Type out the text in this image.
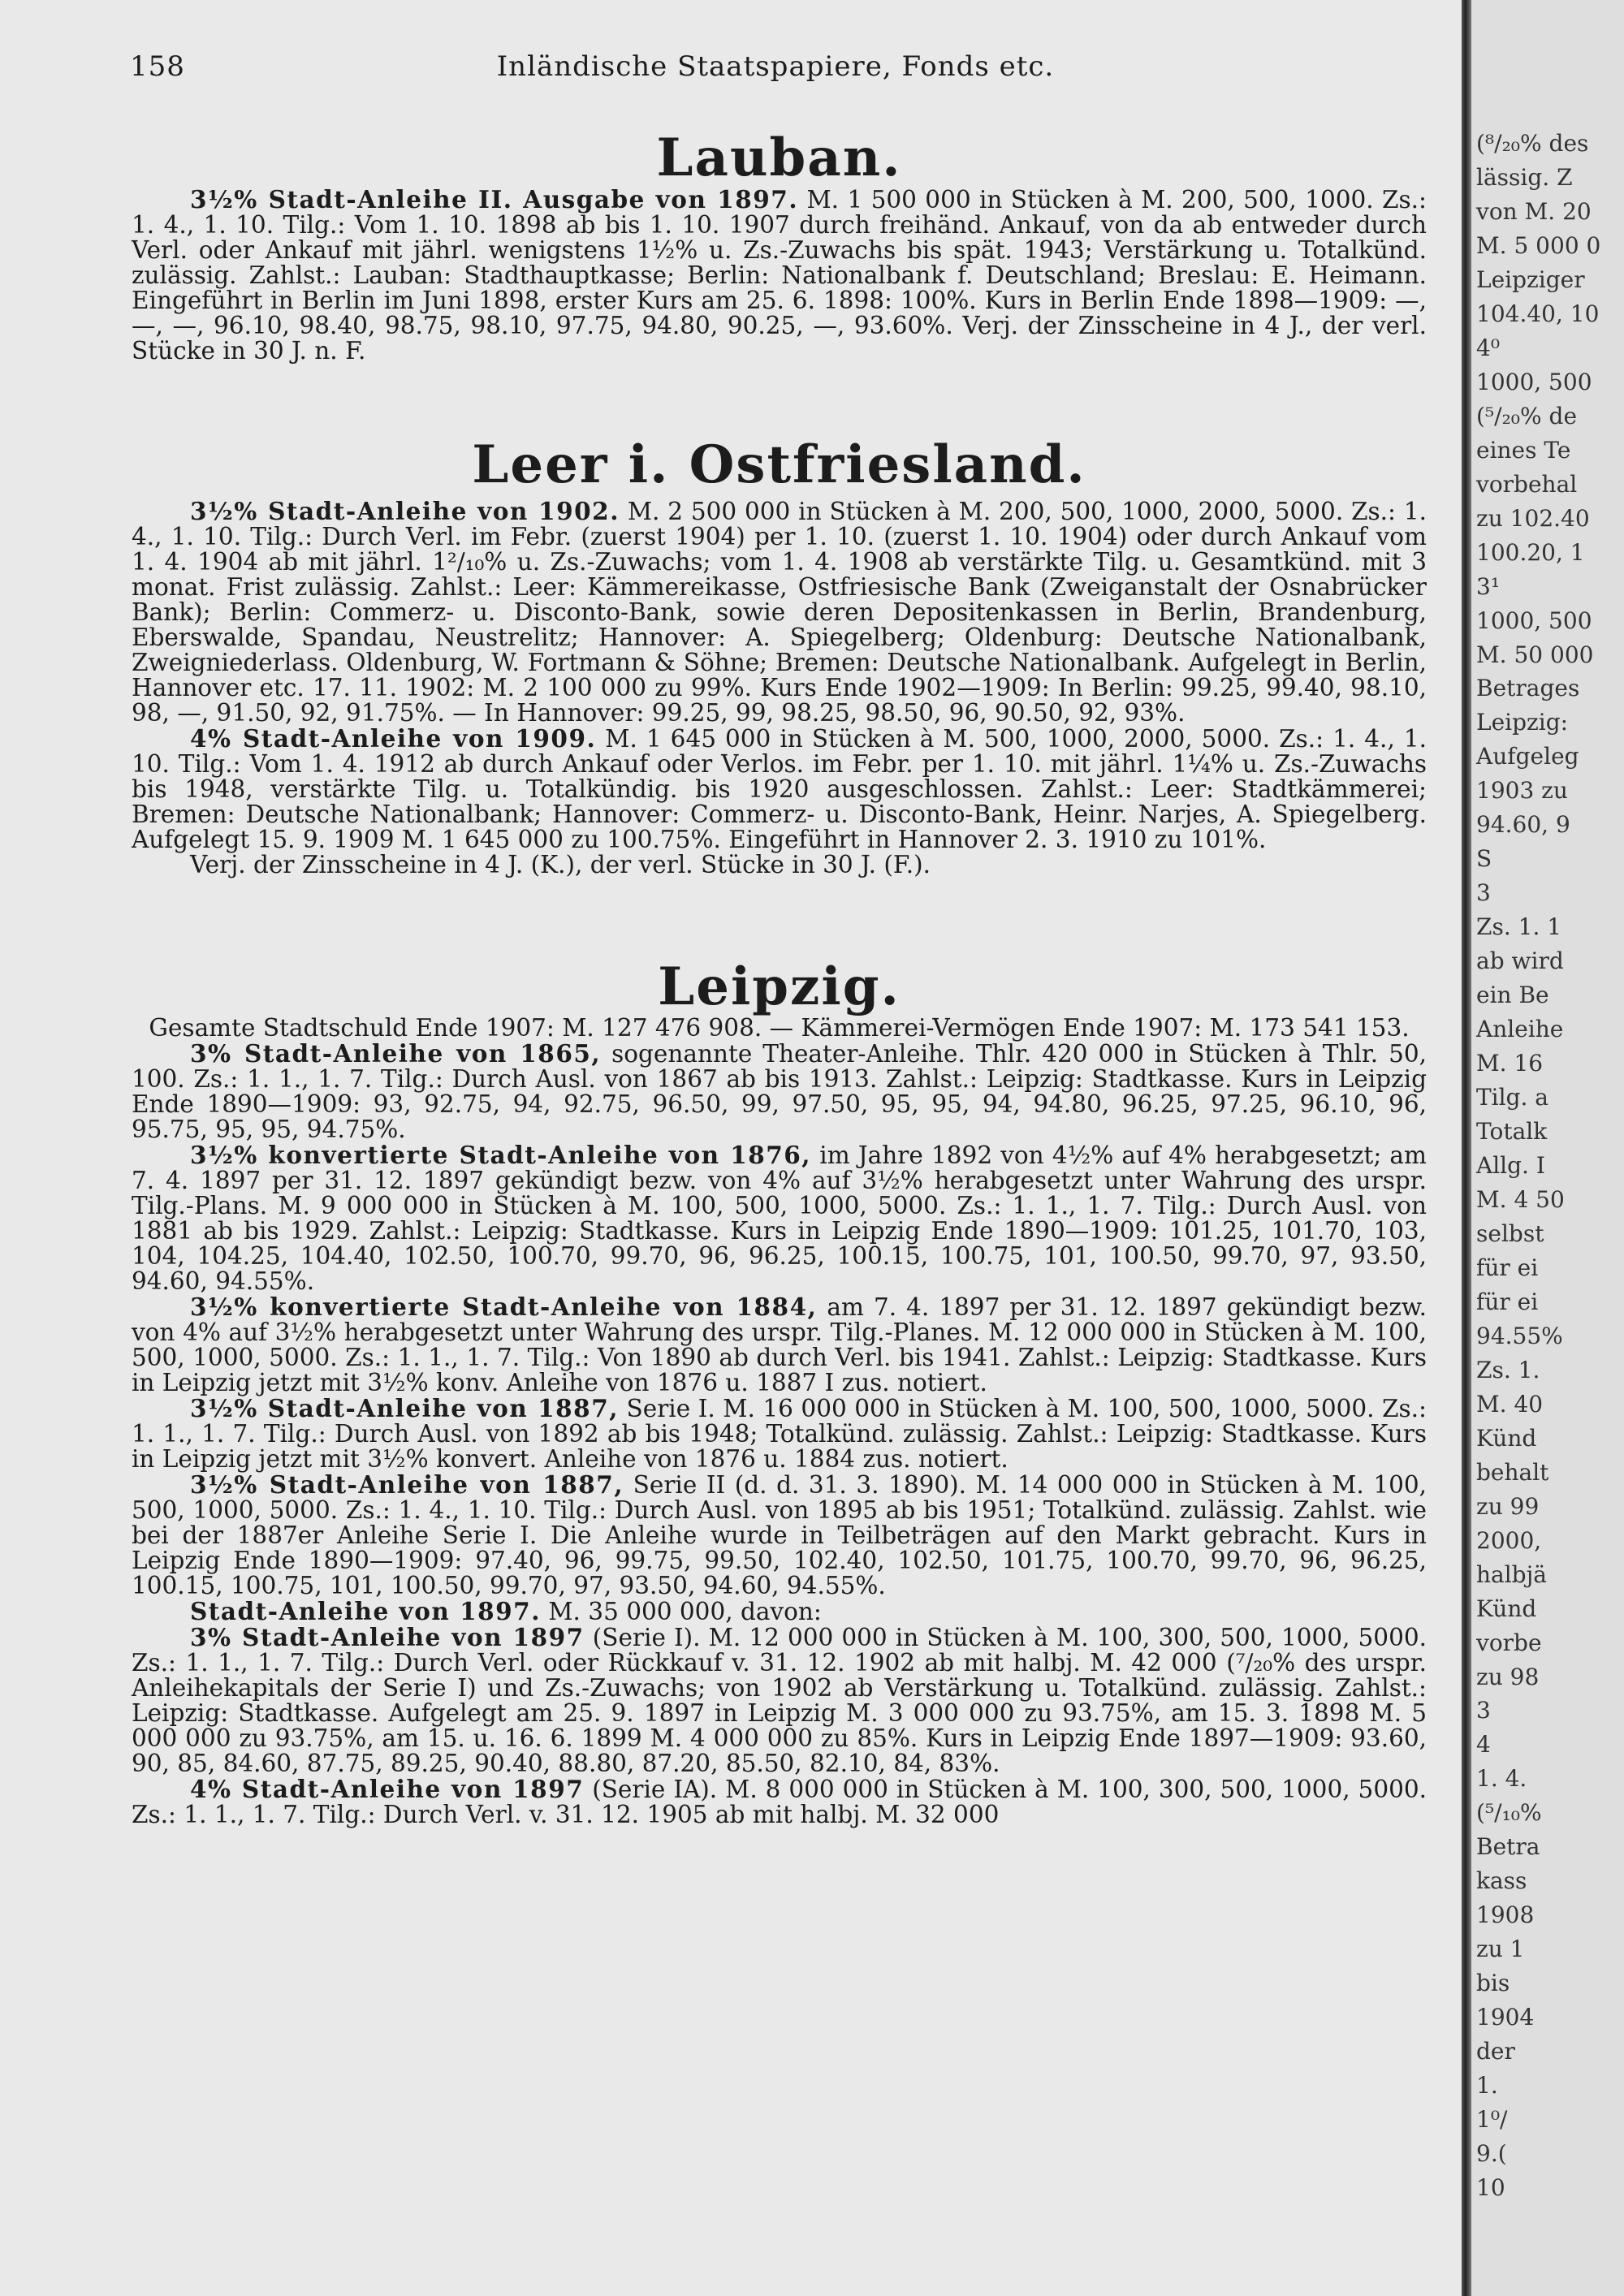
158	Inländische Staatspapiere, Fonds etc.
Lauban.

3½% Stadt-Anleihe II. Ausgabe von 1897. M. 1 500 000 in Stücken à M. 200, 500, 1000. Zs.: 1. 4., 1. 10. Tilg.: Vom 1. 10. 1898 ab bis 1. 10. 1907 durch freihänd. Ankauf, von da ab entweder durch Verl. oder Ankauf mit jährl. wenigstens 1½% u. Zs.-Zuwachs bis spät. 1943; Verstärkung u. Totalkünd. zulässig. Zahlst.: Lauban: Stadthauptkasse; Berlin: Nationalbank f. Deutschland; Breslau: E. Heimann. Eingeführt in Berlin im Juni 1898, erster Kurs am 25. 6. 1898: 100%. Kurs in Berlin Ende 1898—1909: —, —, —, 96.10, 98.40, 98.75, 98.10, 97.75, 94.80, 90.25, —, 93.60%. Verj. der Zinsscheine in 4 J., der verl. Stücke in 30 J. n. F.

Leer i. Ostfriesland.

3½% Stadt-Anleihe von 1902. M. 2 500 000 in Stücken à M. 200, 500, 1000, 2000, 5000. Zs.: 1. 4., 1. 10. Tilg.: Durch Verl. im Febr. (zuerst 1904) per 1. 10. (zuerst 1. 10. 1904) oder durch Ankauf vom 1. 4. 1904 ab mit jährl. 1²/₁₀% u. Zs.-Zuwachs; vom 1. 4. 1908 ab verstärkte Tilg. u. Gesamtkünd. mit 3 monat. Frist zulässig. Zahlst.: Leer: Kämmereikasse, Ostfriesische Bank (Zweiganstalt der Osnabrücker Bank); Berlin: Commerz- u. Disconto-Bank, sowie deren Depositenkassen in Berlin, Brandenburg, Eberswalde, Spandau, Neustrelitz; Hannover: A. Spiegelberg; Oldenburg: Deutsche Nationalbank, Zweigniederlass. Oldenburg, W. Fortmann & Söhne; Bremen: Deutsche Nationalbank. Aufgelegt in Berlin, Hannover etc. 17. 11. 1902: M. 2 100 000 zu 99%. Kurs Ende 1902—1909: In Berlin: 99.25, 99.40, 98.10, 98, —, 91.50, 92, 91.75%. — In Hannover: 99.25, 99, 98.25, 98.50, 96, 90.50, 92, 93%.

4% Stadt-Anleihe von 1909. M. 1 645 000 in Stücken à M. 500, 1000, 2000, 5000. Zs.: 1. 4., 1. 10. Tilg.: Vom 1. 4. 1912 ab durch Ankauf oder Verlos. im Febr. per 1. 10. mit jährl. 1¼% u. Zs.-Zuwachs bis 1948, verstärkte Tilg. u. Totalkündig. bis 1920 ausgeschlossen. Zahlst.: Leer: Stadtkämmerei; Bremen: Deutsche Nationalbank; Hannover: Commerz- u. Disconto-Bank, Heinr. Narjes, A. Spiegelberg. Aufgelegt 15. 9. 1909 M. 1 645 000 zu 100.75%. Eingeführt in Hannover 2. 3. 1910 zu 101%.

Verj. der Zinsscheine in 4 J. (K.), der verl. Stücke in 30 J. (F.).

Leipzig.

Gesamte Stadtschuld Ende 1907: M. 127 476 908. — Kämmerei-Vermögen Ende 1907: M. 173 541 153.

3% Stadt-Anleihe von 1865, sogenannte Theater-Anleihe. Thlr. 420 000 in Stücken à Thlr. 50, 100. Zs.: 1. 1., 1. 7. Tilg.: Durch Ausl. von 1867 ab bis 1913. Zahlst.: Leipzig: Stadtkasse. Kurs in Leipzig Ende 1890—1909: 93, 92.75, 94, 92.75, 96.50, 99, 97.50, 95, 95, 94, 94.80, 96.25, 97.25, 96.10, 96, 95.75, 95, 95, 94.75%.

3½% konvertierte Stadt-Anleihe von 1876, im Jahre 1892 von 4½% auf 4% herabgesetzt; am 7. 4. 1897 per 31. 12. 1897 gekündigt bezw. von 4% auf 3½% herabgesetzt unter Wahrung des urspr. Tilg.-Plans. M. 9 000 000 in Stücken à M. 100, 500, 1000, 5000. Zs.: 1. 1., 1. 7. Tilg.: Durch Ausl. von 1881 ab bis 1929. Zahlst.: Leipzig: Stadtkasse. Kurs in Leipzig Ende 1890—1909: 101.25, 101.70, 103, 104, 104.25, 104.40, 102.50, 100.70, 99.70, 96, 96.25, 100.15, 100.75, 101, 100.50, 99.70, 97, 93.50, 94.60, 94.55%.

3½% konvertierte Stadt-Anleihe von 1884, am 7. 4. 1897 per 31. 12. 1897 gekündigt bezw. von 4% auf 3½% herabgesetzt unter Wahrung des urspr. Tilg.-Planes. M. 12 000 000 in Stücken à M. 100, 500, 1000, 5000. Zs.: 1. 1., 1. 7. Tilg.: Von 1890 ab durch Verl. bis 1941. Zahlst.: Leipzig: Stadtkasse. Kurs in Leipzig jetzt mit 3½% konv. Anleihe von 1876 u. 1887 I zus. notiert.

3½% Stadt-Anleihe von 1887, Serie I. M. 16 000 000 in Stücken à M. 100, 500, 1000, 5000. Zs.: 1. 1., 1. 7. Tilg.: Durch Ausl. von 1892 ab bis 1948; Totalkünd. zulässig. Zahlst.: Leipzig: Stadtkasse. Kurs in Leipzig jetzt mit 3½% konvert. Anleihe von 1876 u. 1884 zus. notiert.

3½% Stadt-Anleihe von 1887, Serie II (d. d. 31. 3. 1890). M. 14 000 000 in Stücken à M. 100, 500, 1000, 5000. Zs.: 1. 4., 1. 10. Tilg.: Durch Ausl. von 1895 ab bis 1951; Totalkünd. zulässig. Zahlst. wie bei der 1887er Anleihe Serie I. Die Anleihe wurde in Teilbeträgen auf den Markt gebracht. Kurs in Leipzig Ende 1890—1909: 97.40, 96, 99.75, 99.50, 102.40, 102.50, 101.75, 100.70, 99.70, 96, 96.25, 100.15, 100.75, 101, 100.50, 99.70, 97, 93.50, 94.60, 94.55%.

Stadt-Anleihe von 1897. M. 35 000 000, davon:

3% Stadt-Anleihe von 1897 (Serie I). M. 12 000 000 in Stücken à M. 100, 300, 500, 1000, 5000. Zs.: 1. 1., 1. 7. Tilg.: Durch Verl. oder Rückkauf v. 31. 12. 1902 ab mit halbj. M. 42 000 (⁷/₂₀% des urspr. Anleihekapitals der Serie I) und Zs.-Zuwachs; von 1902 ab Verstärkung u. Totalkünd. zulässig. Zahlst.: Leipzig: Stadtkasse. Aufgelegt am 25. 9. 1897 in Leipzig M. 3 000 000 zu 93.75%, am 15. 3. 1898 M. 5 000 000 zu 93.75%, am 15. u. 16. 6. 1899 M. 4 000 000 zu 85%. Kurs in Leipzig Ende 1897—1909: 93.60, 90, 85, 84.60, 87.75, 89.25, 90.40, 88.80, 87.20, 85.50, 82.10, 84, 83%.

4% Stadt-Anleihe von 1897 (Serie IA). M. 8 000 000 in Stücken à M. 100, 300, 500, 1000, 5000. Zs.: 1. 1., 1. 7. Tilg.: Durch Verl. v. 31. 12. 1905 ab mit halbj. M. 32 000

(⁸/₂₀% des
lässig. Z
von M. 20
M. 5 000 0
Leipziger
104.40, 10
4⁰
1000, 500
(⁵/₂₀% de
eines Te
vorbehal
zu 102.40
100.20, 1
3¹
1000, 500
M. 50 000
Betrages
Leipzig:
Aufgeleg
1903 zu
94.60, 9
S
3
Zs. 1. 1
ab wird
ein Be
Anleihe
M. 16
Tilg. a
Totalk
Allg. I
M. 4 50
selbst
für ei
für ei
94.55%
Zs. 1.
M. 40
Künd
behalt
zu 99
2000,
halbjä
Künd
vorbe
zu 98
3
4
1. 4.
(⁵/₁₀%
Betra
kass
1908
zu 1
bis
1904
der
1.
1⁰/
9.(
10
